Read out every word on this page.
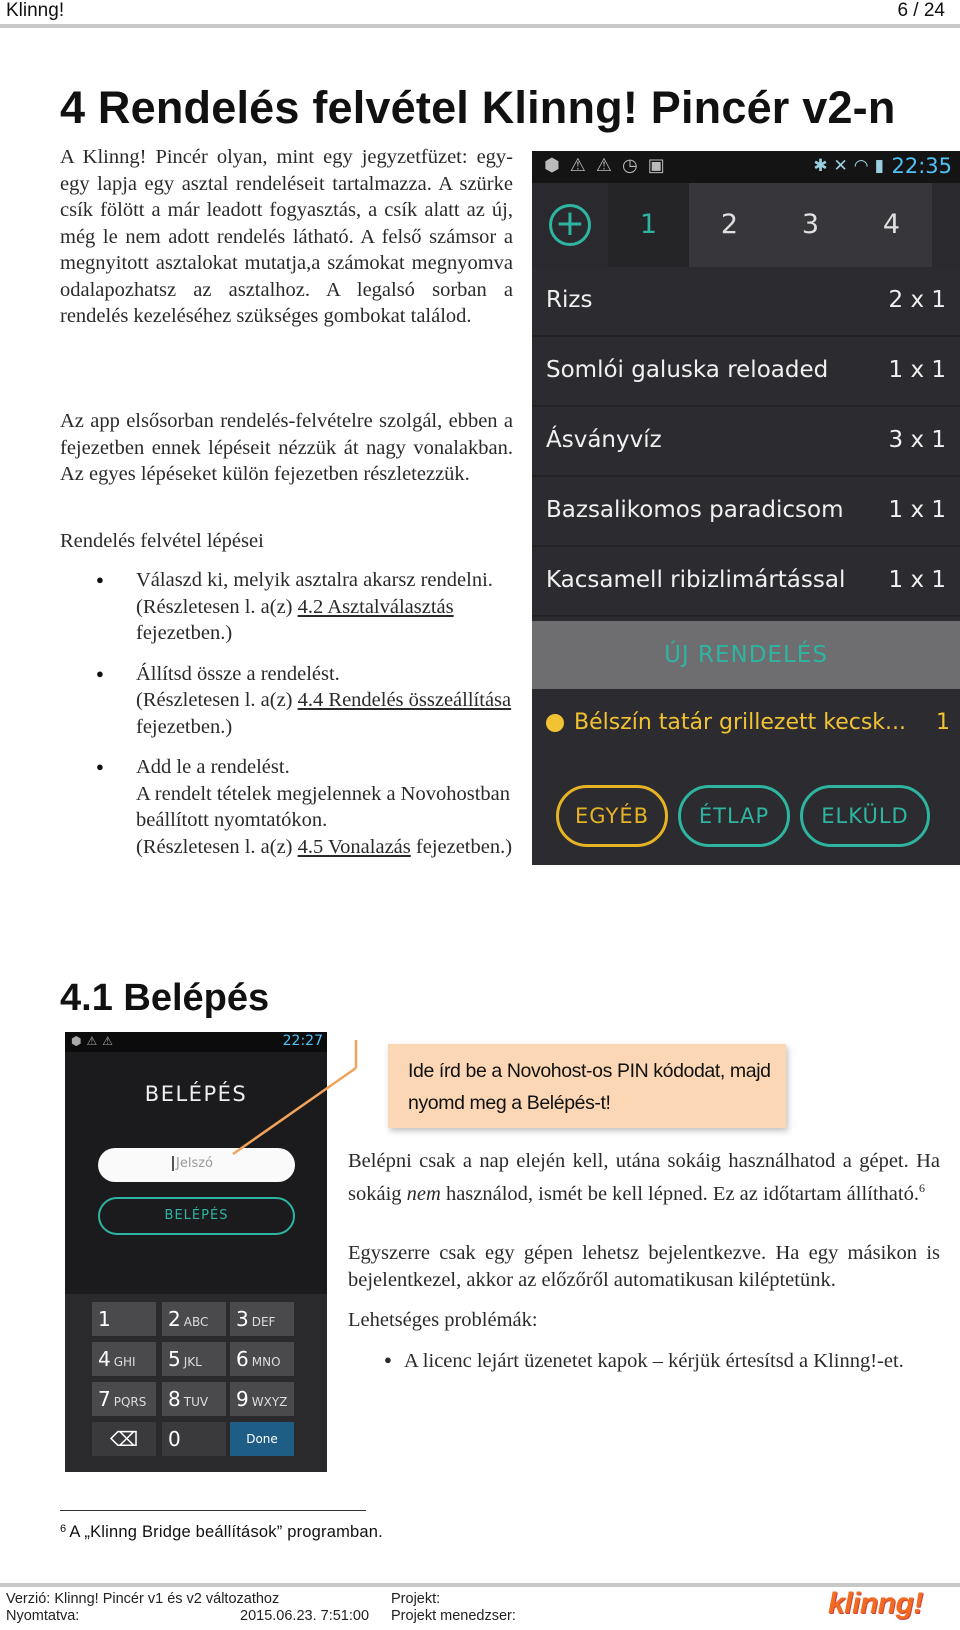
Klinng!	6 / 24
4 Rendelés felvétel Klinng! Pincér v2-n

A Klinng! Pincér olyan, mint egy jegyzetfüzet: egy-egy lapja egy asztal rendeléseit tartalmazza. A szürke csík fölött a már leadott fogyasztás, a csík alatt az új, még le nem adott rendelés látható. A felső számsor a megnyitott asztalokat mutatja,a számokat megnyomva odalapozhatsz az asztalhoz. A legalsó sorban a rendelés kezeléséhez szükséges gombokat találod.

Az app elsősorban rendelés-felvételre szolgál, ebben a fejezetben ennek lépéseit nézzük át nagy vonalakban. Az egyes lépéseket külön fejezetben részletezzük.

Rendelés felvétel lépései

● Válaszd ki, melyik asztalra akarsz rendelni.
(Részletesen l. a(z) 4.2 Asztalválasztás fejezetben.)
● Állítsd össze a rendelést.
(Részletesen l. a(z) 4.4 Rendelés összeállítása fejezetben.)
● Add le a rendelést.
A rendelt tételek megjelennek a Novohostban beállított nyomtatókon.
(Részletesen l. a(z) 4.5 Vonalazás fejezetben.)
⬢⚠⚠◷▣	✱✕◠▮ 22:35
+	1	2	3	4
Rizs	2 x 1
Somlói galuska reloaded	1 x 1
Ásványvíz	3 x 1
Bazsalikomos paradicsom 1 x 1
Kacsamell ribizlimártással 1 x 1
ÚJ RENDELÉS
Bélszín tatár grillezett kecsk... 1
EGYÉB	ÉTLAP	ELKÜLD
4.1 Belépés
⬢⚠⚠	22:27
BELÉPÉS
Jelszó
BELÉPÉS
1	2 ABC	3 DEF
4 GHI	5 JKL	6 MNO
7 PQRS	8 TUV	9 WXYZ
⌫	0	Done

Ide írd be a Novohost-os PIN kódodat, majd nyomd meg a Belépés-t!

Belépni csak a nap elején kell, utána sokáig használhatod a gépet. Ha sokáig nem használod, ismét be kell lépned. Ez az időtartam állítható.$^6$

Egyszerre csak egy gépen lehetsz bejelentkezve. Ha egy másikon is bejelentkezel, akkor az előzőről automatikusan kiléptetünk.

Lehetséges problémák:

● A licenc lejárt üzenetet kapok – kérjük értesítsd a Klinng!-et.

$^6$ A „Klinng Bridge beállítások” programban.
Verzió: Klinng! Pincér v1 és v2 változathoz
Nyomtatva:	2015.06.23. 7:51:00
Projekt:
Projekt menedzser:	klinng!
